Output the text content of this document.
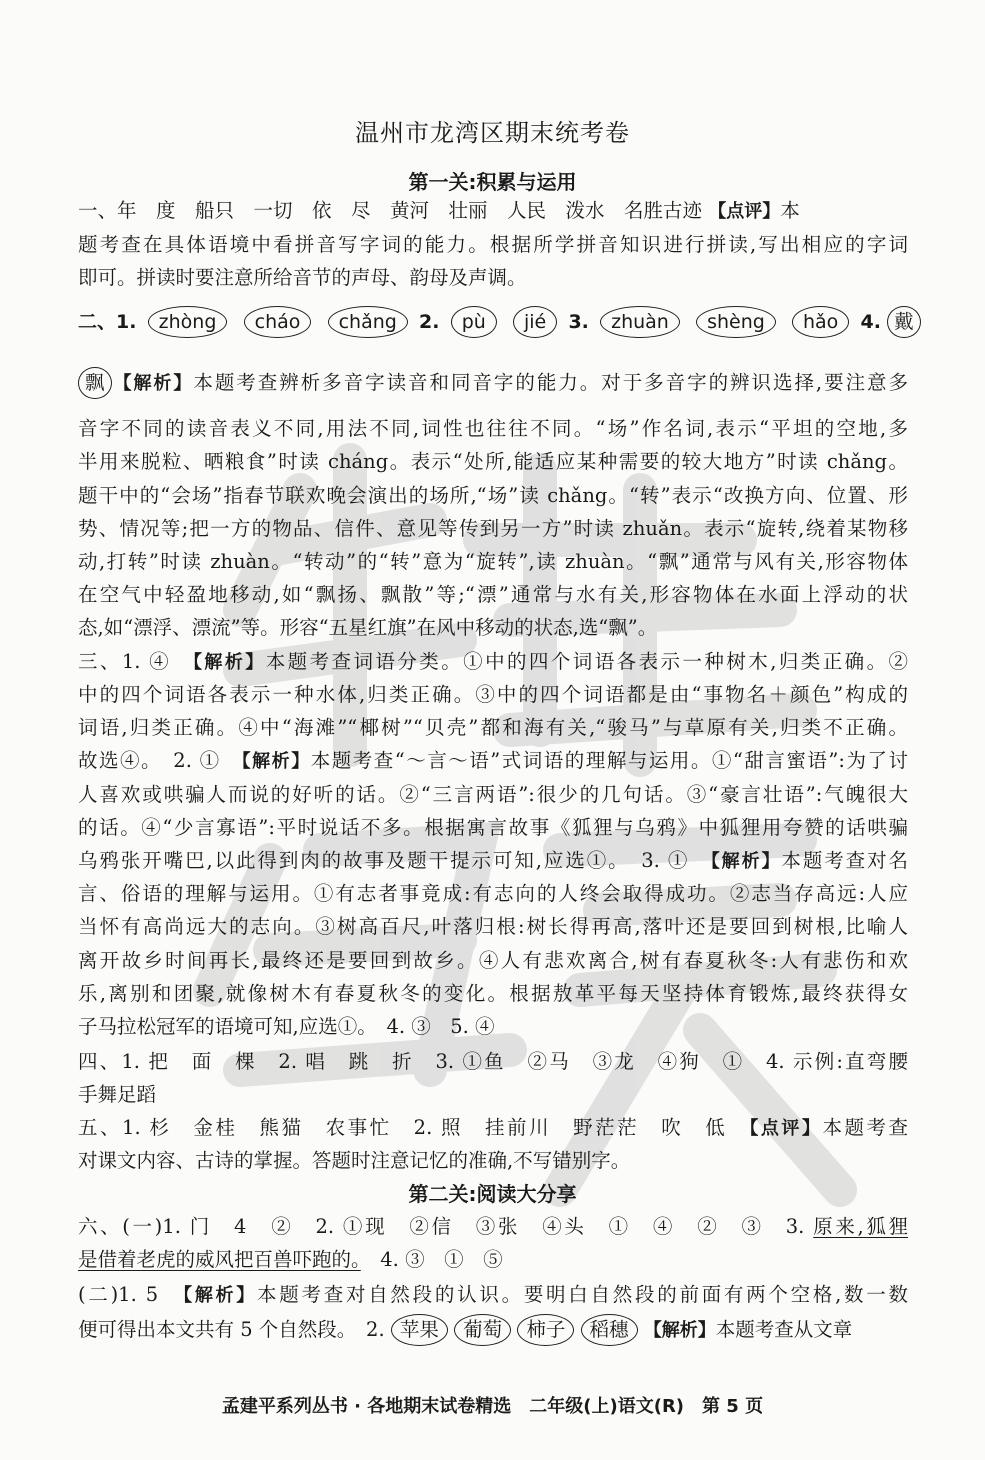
温州市龙湾区期末统考卷
第一关:积累与运用
一、年　度　船只　一切　依　尽　黄河　壮丽　人民　泼水　名胜古迹 【点评】本
题考查在具体语境中看拼音写字词的能力。根据所学拼音知识进行拼读,写出相应的字词
即可。拼读时要注意所给音节的声母、韵母及声调。
二、1. zhòng cháo chǎng 2. pù jié 3. zhuàn shèng hǎo 4. 戴
飘 【解析】本题考查辨析多音字读音和同音字的能力。对于多音字的辨识选择,要注意多
音字不同的读音表义不同,用法不同,词性也往往不同。“场”作名词,表示“平坦的空地,多
半用来脱粒、晒粮食”时读 cháng。表示“处所,能适应某种需要的较大地方”时读 chǎng。
题干中的“会场”指春节联欢晚会演出的场所,“场”读 chǎng。“转”表示“改换方向、位置、形
势、情况等;把一方的物品、信件、意见等传到另一方”时读 zhuǎn。表示“旋转,绕着某物移
动,打转”时读 zhuàn。“转动”的“转”意为“旋转”,读 zhuàn。“飘”通常与风有关,形容物体
在空气中轻盈地移动,如“飘扬、飘散”等;“漂”通常与水有关,形容物体在水面上浮动的状
态,如“漂浮、漂流”等。形容“五星红旗”在风中移动的状态,选“飘”。
三、1. ④　【解析】本题考查词语分类。①中的四个词语各表示一种树木,归类正确。②
中的四个词语各表示一种水体,归类正确。③中的四个词语都是由“事物名＋颜色”构成的
词语,归类正确。④中“海滩”“椰树”“贝壳”都和海有关,“骏马”与草原有关,归类不正确。
故选④。　2. ①　【解析】本题考查“～言～语”式词语的理解与运用。①“甜言蜜语”:为了讨
人喜欢或哄骗人而说的好听的话。②“三言两语”:很少的几句话。③“豪言壮语”:气魄很大
的话。④“少言寡语”:平时说话不多。根据寓言故事《狐狸与乌鸦》中狐狸用夸赞的话哄骗
乌鸦张开嘴巴,以此得到肉的故事及题干提示可知,应选①。　3. ①　【解析】本题考查对名
言、俗语的理解与运用。①有志者事竟成:有志向的人终会取得成功。②志当存高远:人应
当怀有高尚远大的志向。③树高百尺,叶落归根:树长得再高,落叶还是要回到树根,比喻人
离开故乡时间再长,最终还是要回到故乡。④人有悲欢离合,树有春夏秋冬:人有悲伤和欢
乐,离别和团聚,就像树木有春夏秋冬的变化。根据敖革平每天坚持体育锻炼,最终获得女
子马拉松冠军的语境可知,应选①。　4. ③　5. ④
四、1. 把　面　棵　2. 唱　跳　折　3. ①鱼　②马　③龙　④狗　①　4. 示例:直弯腰
手舞足蹈
五、1. 杉　金桂　熊猫　农事忙　2. 照　挂前川　野茫茫　吹　低　【点评】本题考查
对课文内容、古诗的掌握。答题时注意记忆的准确,不写错别字。
第二关:阅读大分享
六、(一)1. 门　4　②　2. ①现　②信　③张　④头　①　④　②　③　3. 原来,狐狸
是借着老虎的威风把百兽吓跑的。　4. ③　①　⑤
(二)1. 5　【解析】本题考查对自然段的认识。要明白自然段的前面有两个空格,数一数
便可得出本文共有 5 个自然段。　2. 苹果 葡萄 柿子 稻穗 【解析】本题考查从文章
孟建平系列丛书 · 各地期末试卷精选　二年级(上)语文(R)　第 5 页
